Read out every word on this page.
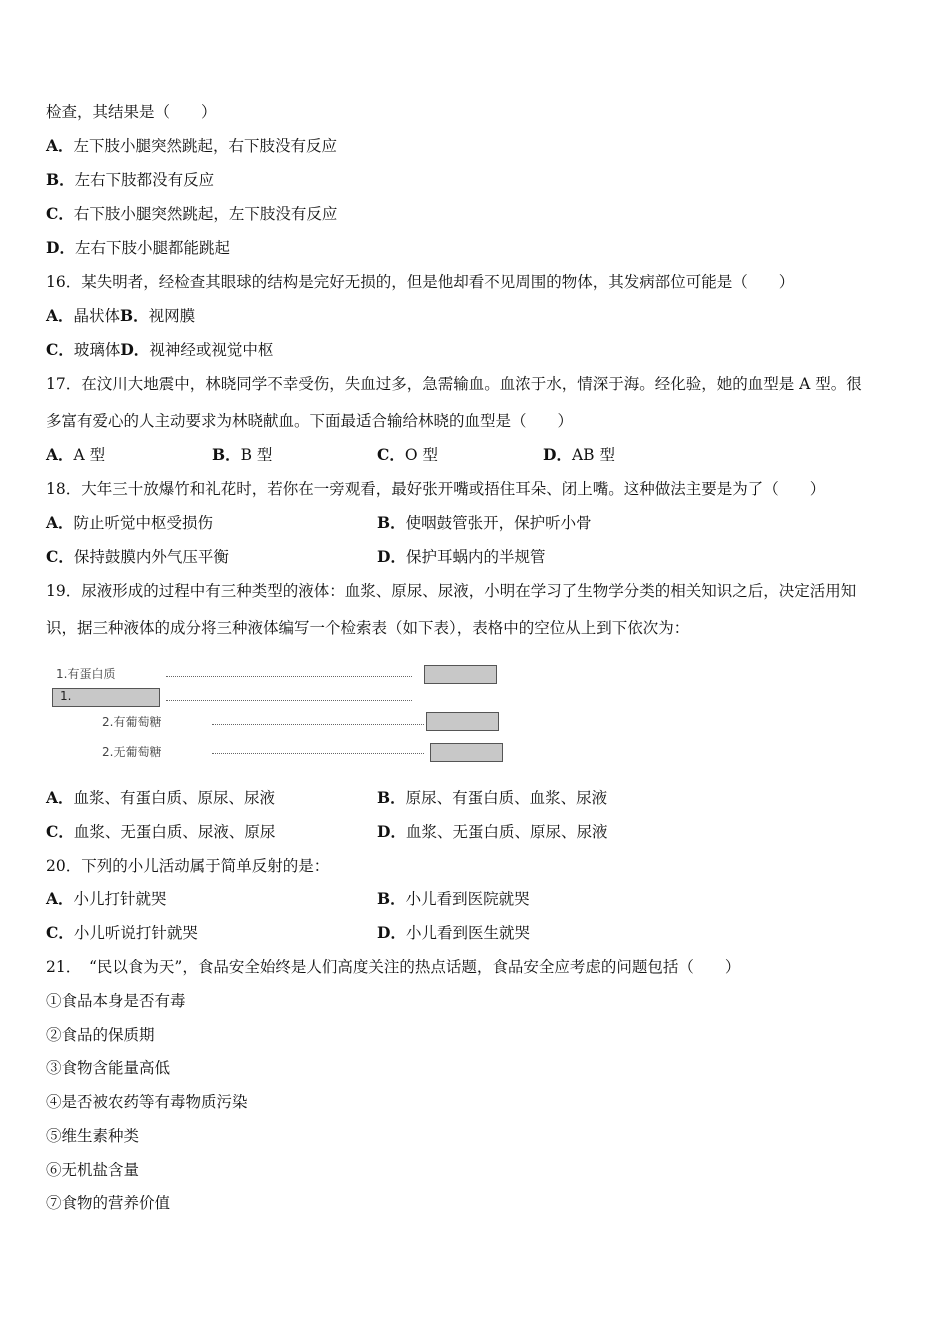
检查，其结果是（　　）
A．左下肢小腿突然跳起，右下肢没有反应
B．左右下肢都没有反应
C．右下肢小腿突然跳起，左下肢没有反应
D．左右下肢小腿都能跳起
16．某失明者，经检查其眼球的结构是完好无损的，但是他却看不见周围的物体，其发病部位可能是（　　）
A．晶状体B．视网膜
C．玻璃体D．视神经或视觉中枢
17．在汶川大地震中，林晓同学不幸受伤，失血过多，急需输血。血浓于水，情深于海。经化验，她的血型是 A 型。很
多富有爱心的人主动要求为林晓献血。下面最适合输给林晓的血型是（　　）
A．A 型	B．B 型	C．O 型	D．AB 型
18．大年三十放爆竹和礼花时，若你在一旁观看，最好张开嘴或捂住耳朵、闭上嘴。这种做法主要是为了（　　）
A．防止听觉中枢受损伤	B．使咽鼓管张开，保护听小骨
C．保持鼓膜内外气压平衡	D．保护耳蜗内的半规管
19．尿液形成的过程中有三种类型的液体：血浆、原尿、尿液，小明在学习了生物学分类的相关知识之后，决定活用知
识，据三种液体的成分将三种液体编写一个检索表（如下表），表格中的空位从上到下依次为：
1.有蛋白质
1.
2.有葡萄糖
2.无葡萄糖
A．血浆、有蛋白质、原尿、尿液	B．原尿、有蛋白质、血浆、尿液
C．血浆、无蛋白质、尿液、原尿	D．血浆、无蛋白质、原尿、尿液
20．下列的小儿活动属于简单反射的是：
A．小儿打针就哭	B．小儿看到医院就哭
C．小儿听说打针就哭	D．小儿看到医生就哭
21．　“民以食为天”，食品安全始终是人们高度关注的热点话题，食品安全应考虑的问题包括（　　）
①食品本身是否有毒
②食品的保质期
③食物含能量高低
④是否被农药等有毒物质污染
⑤维生素种类
⑥无机盐含量
⑦食物的营养价值
